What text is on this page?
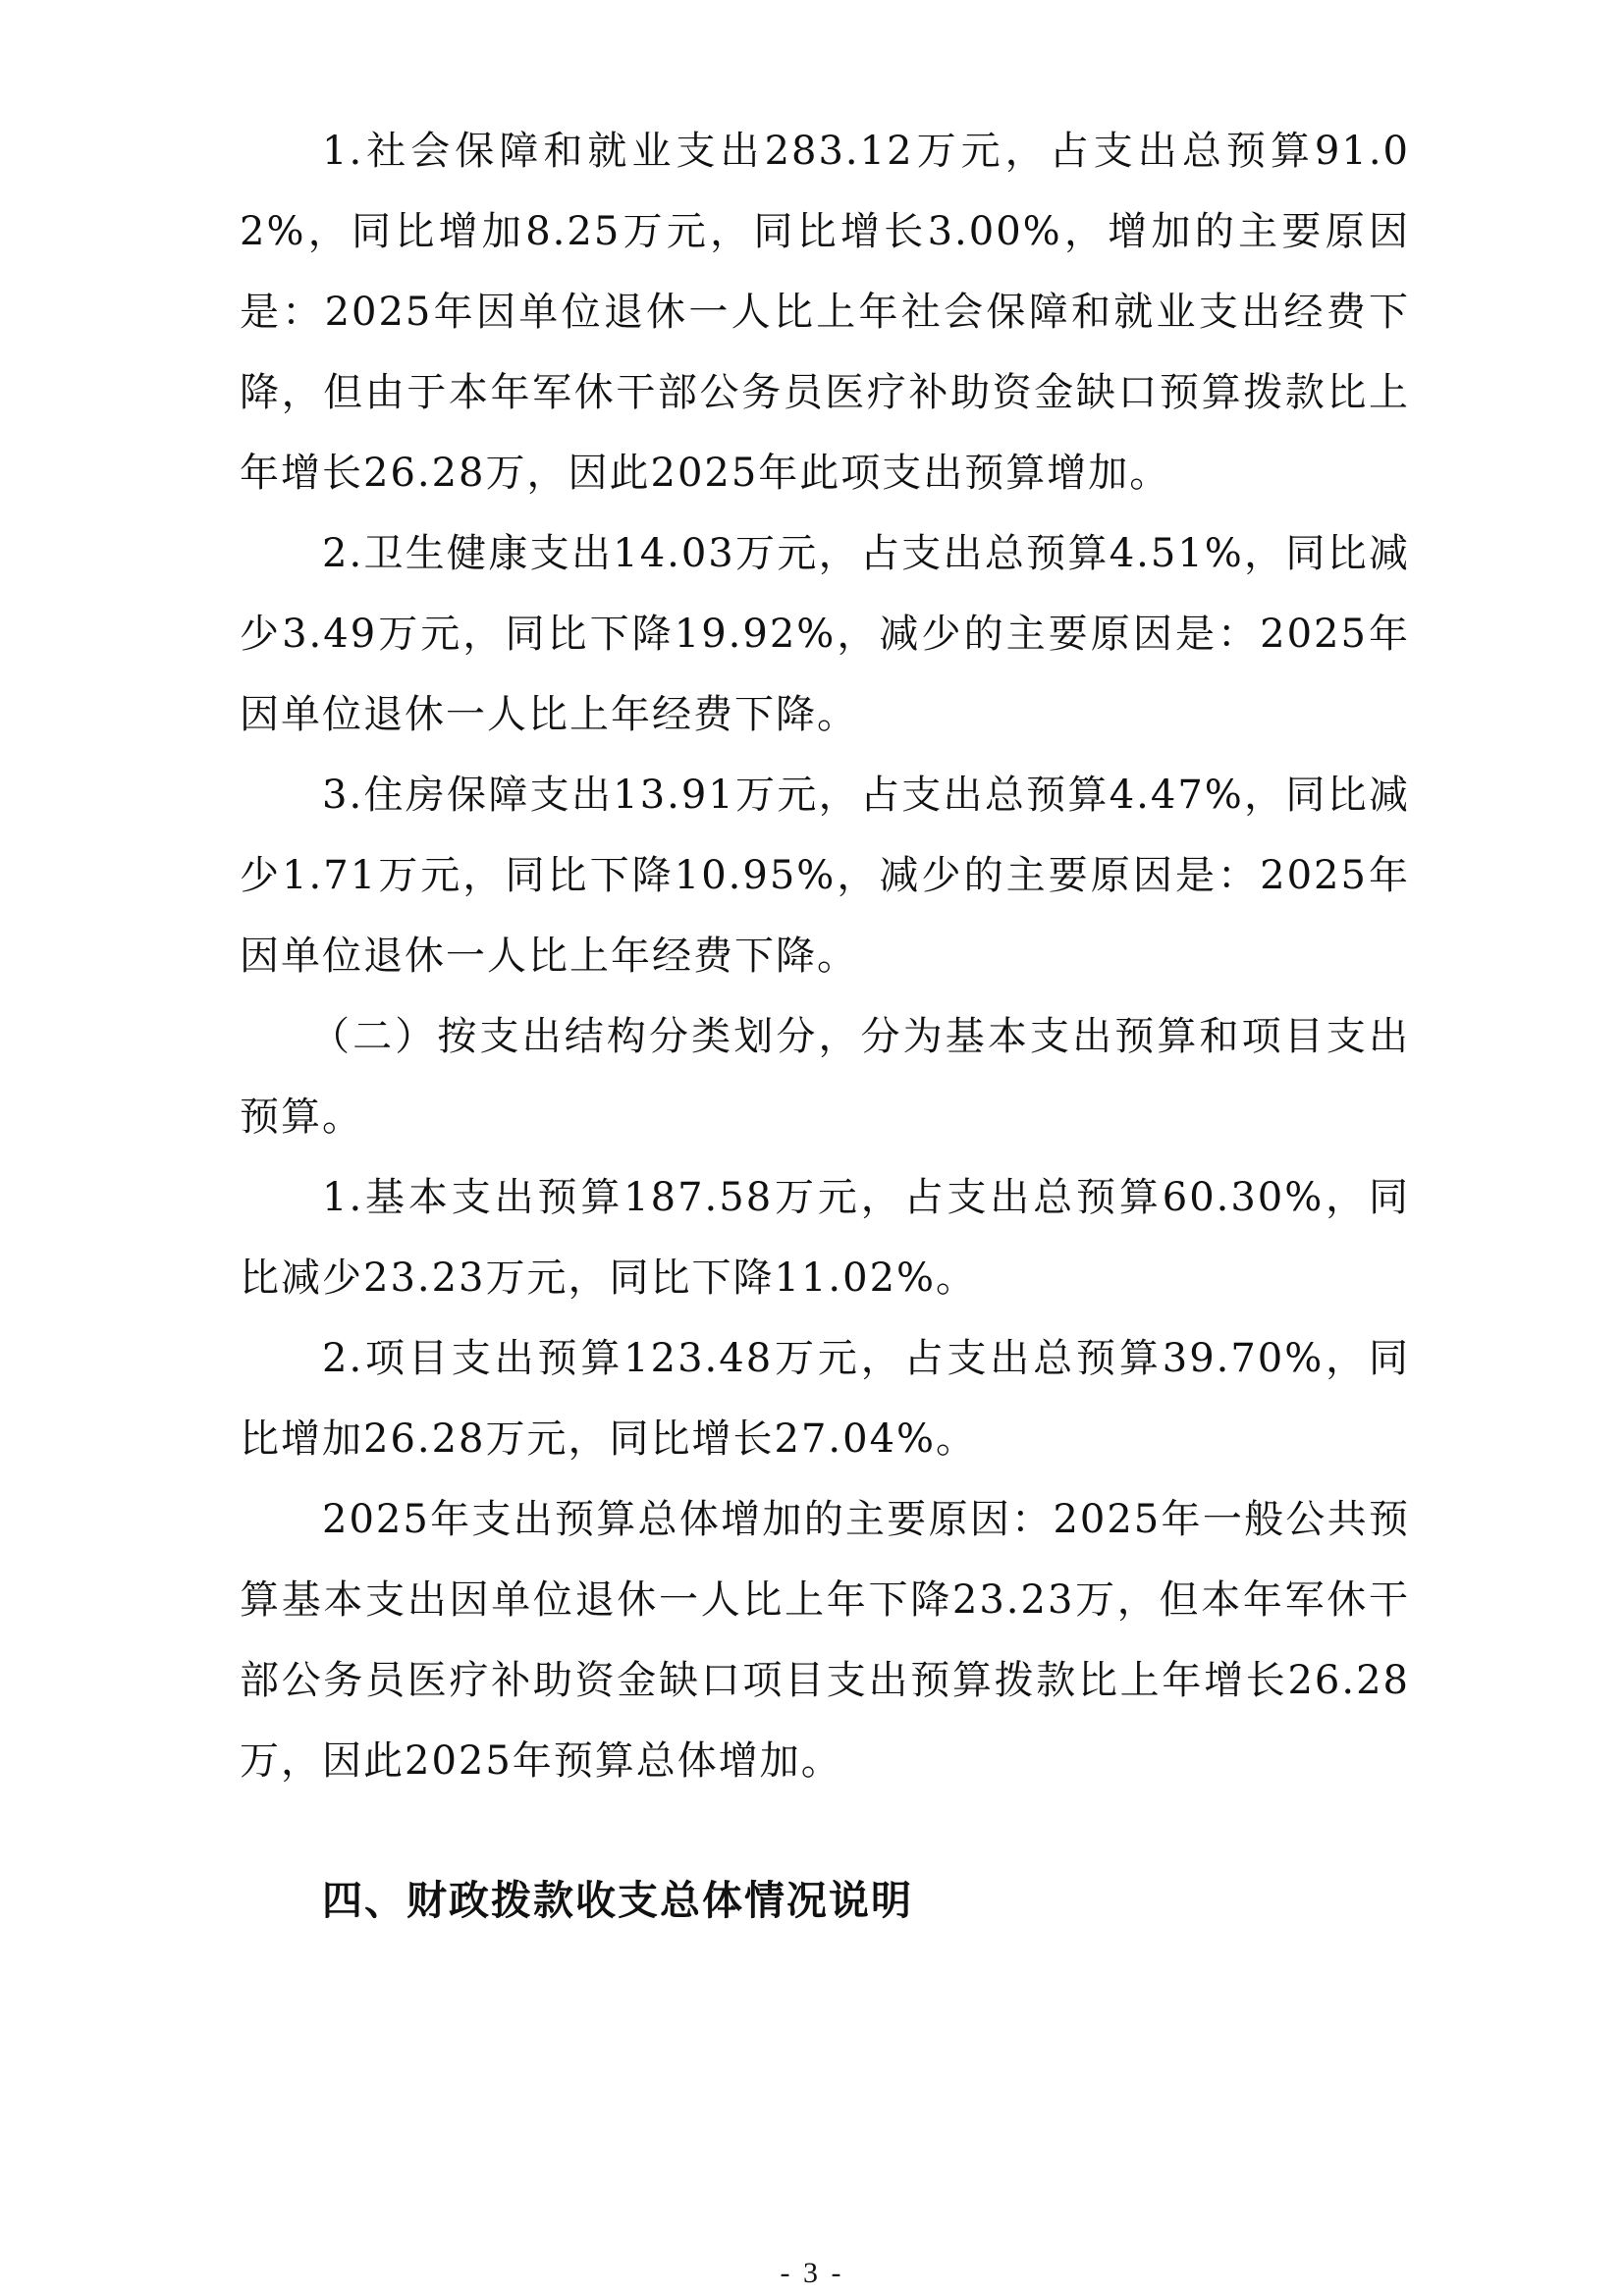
1.社会保障和就业支出283.12万元，占支出总预算91.02%，同比增加8.25万元，同比增长3.00%，增加的主要原因是：2025年因单位退休一人比上年社会保障和就业支出经费下降，但由于本年军休干部公务员医疗补助资金缺口预算拨款比上年增长26.28万，因此2025年此项支出预算增加。

2.卫生健康支出14.03万元，占支出总预算4.51%，同比减少3.49万元，同比下降19.92%，减少的主要原因是：2025年因单位退休一人比上年经费下降。

3.住房保障支出13.91万元，占支出总预算4.47%，同比减少1.71万元，同比下降10.95%，减少的主要原因是：2025年因单位退休一人比上年经费下降。

（二）按支出结构分类划分，分为基本支出预算和项目支出预算。

1.基本支出预算187.58万元，占支出总预算60.30%，同比减少23.23万元，同比下降11.02%。

2.项目支出预算123.48万元，占支出总预算39.70%，同比增加26.28万元，同比增长27.04%。

2025年支出预算总体增加的主要原因：2025年一般公共预算基本支出因单位退休一人比上年下降23.23万，但本年军休干部公务员医疗补助资金缺口项目支出预算拨款比上年增长26.28万，因此2025年预算总体增加。

四、财政拨款收支总体情况说明
- 3 -
